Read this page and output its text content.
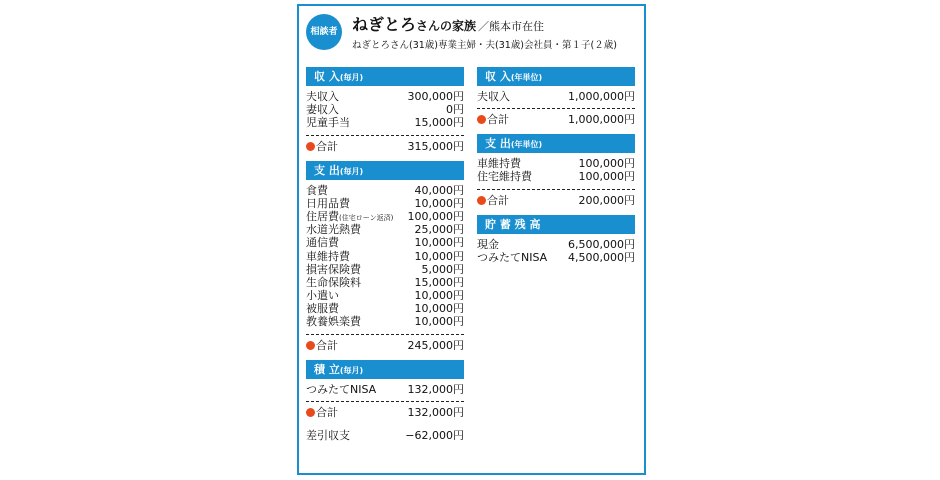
相談者 ねぎとろさんの家族 ／熊本市在住
ねぎとろさん(31歳)専業主婦・夫(31歳)会社員・第１子(２歳)
収 入(毎月)
夫収入	300,000円
妻収入	0円
児童手当	15,000円
合計	315,000円
支 出(毎月)
食費	40,000円
日用品費	10,000円
住居費(住宅ローン返済) 100,000円
水道光熱費	25,000円
通信費	10,000円
車維持費	10,000円
損害保険費	5,000円
生命保険料	15,000円
小遣い	10,000円
被服費	10,000円
教養娯楽費	10,000円
合計	245,000円
積 立(毎月)
つみたてNISA	132,000円
合計	132,000円
差引収支	−62,000円
収 入(年単位)
夫収入	1,000,000円
合計	1,000,000円
支 出(年単位)
車維持費	100,000円
住宅維持費	100,000円
合計	200,000円
貯 蓄 残 高
現金	6,500,000円
つみたてNISA 4,500,000円
